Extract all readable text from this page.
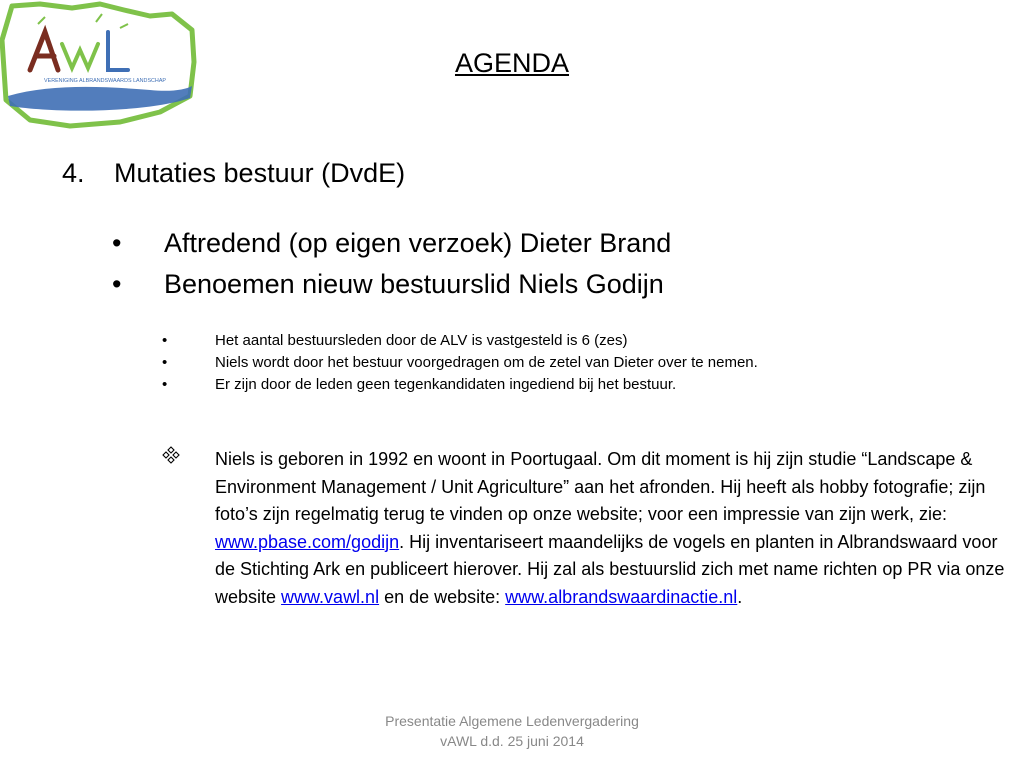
VERENIGING ALBRANDSWAARDS LANDSCHAP
AGENDA
4. Mutaties bestuur (DvdE)
• Aftredend (op eigen verzoek) Dieter Brand
• Benoemen nieuw bestuurslid Niels Godijn
•	Het aantal bestuursleden door de ALV is vastgesteld is 6 (zes)
•	Niels wordt door het bestuur voorgedragen om de zetel van Dieter over te nemen.
•	Er zijn door de leden geen tegenkandidaten ingediend bij het bestuur.
Niels is geboren in 1992 en woont in Poortugaal. Om dit moment is hij zijn studie “Landscape & Environment Management / Unit Agriculture” aan het afronden. Hij heeft als hobby fotografie; zijn foto’s zijn regelmatig terug te vinden op onze website; voor een impressie van zijn werk, zie: www.pbase.com/godijn. Hij inventariseert maandelijks de vogels en planten in Albrandswaard voor de Stichting Ark en publiceert hierover. Hij zal als bestuurslid zich met name richten op PR via onze website www.vawl.nl en de website: www.albrandswaardinactie.nl.
Presentatie Algemene Ledenvergadering
vAWL d.d. 25 juni 2014
